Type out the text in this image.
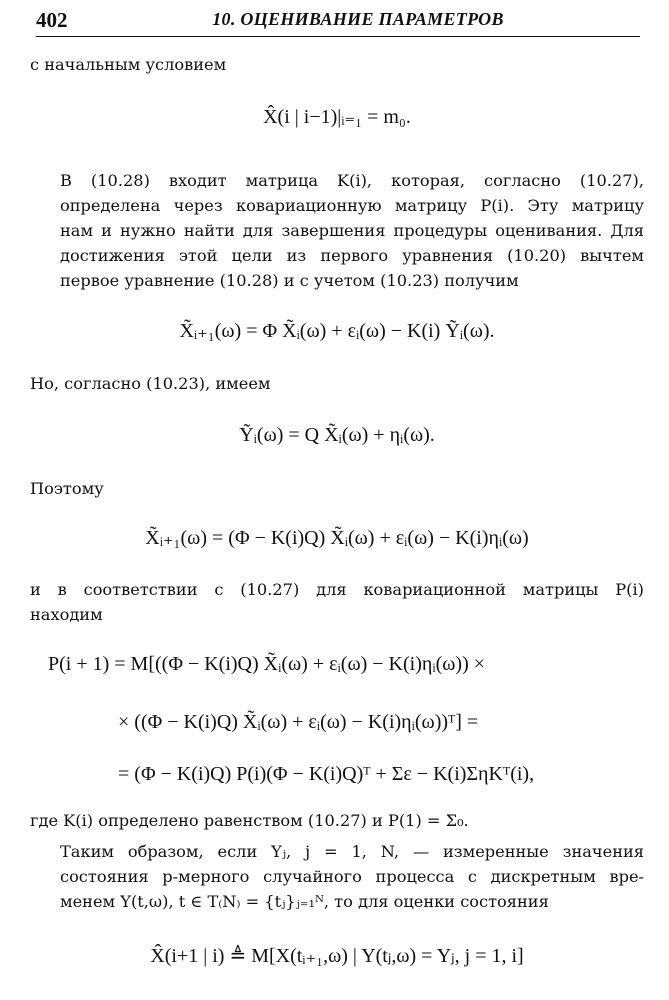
402	10. ОЦЕНИВАНИЕ ПАРАМЕТРОВ

с начальным условием

X̂(i | i−1)|ᵢ₌₁ = m₀.
В (10.28) входит матрица K(i), которая, согласно (10.27),
определена через ковариационную матрицу P(i). Эту матрицу
нам и нужно найти для завершения процедуры оценивания. Для
достижения этой цели из первого уравнения (10.20) вычтем
первое уравнение (10.28) и с учетом (10.23) получим
X̃ᵢ₊₁(ω) = Φ X̃ᵢ(ω) + εᵢ(ω) − K(i) Ỹᵢ(ω).

Но, согласно (10.23), имеем

Ỹᵢ(ω) = Q X̃ᵢ(ω) + ηᵢ(ω).

Поэтому

X̃ᵢ₊₁(ω) = (Φ − K(i)Q) X̃ᵢ(ω) + εᵢ(ω) − K(i)ηᵢ(ω)
и в соответствии с (10.27) для ковариационной матрицы P(i)
находим
P(i + 1) = M[((Φ − K(i)Q) X̃ᵢ(ω) + εᵢ(ω) − K(i)ηᵢ(ω)) ×
× ((Φ − K(i)Q) X̃ᵢ(ω) + εᵢ(ω) − K(i)ηᵢ(ω))ᵀ] =
= (Φ − K(i)Q) P(i)(Φ − K(i)Q)ᵀ + Σε − K(i)ΣηKᵀ(i),

где K(i) определено равенством (10.27) и P(1) = Σ₀.

Таким образом, если Yⱼ, j = 1, N, — измеренные значения
состояния p-мерного случайного процесса с дискретным вре-
менем Y(t,ω), t ∈ T₍N₎ = {tⱼ}ⱼ₌₁ᴺ, то для оценки состояния
X̂(i+1 | i) ≜ M[X(tᵢ₊₁,ω) | Y(tⱼ,ω) = Yⱼ, j = 1, i]
